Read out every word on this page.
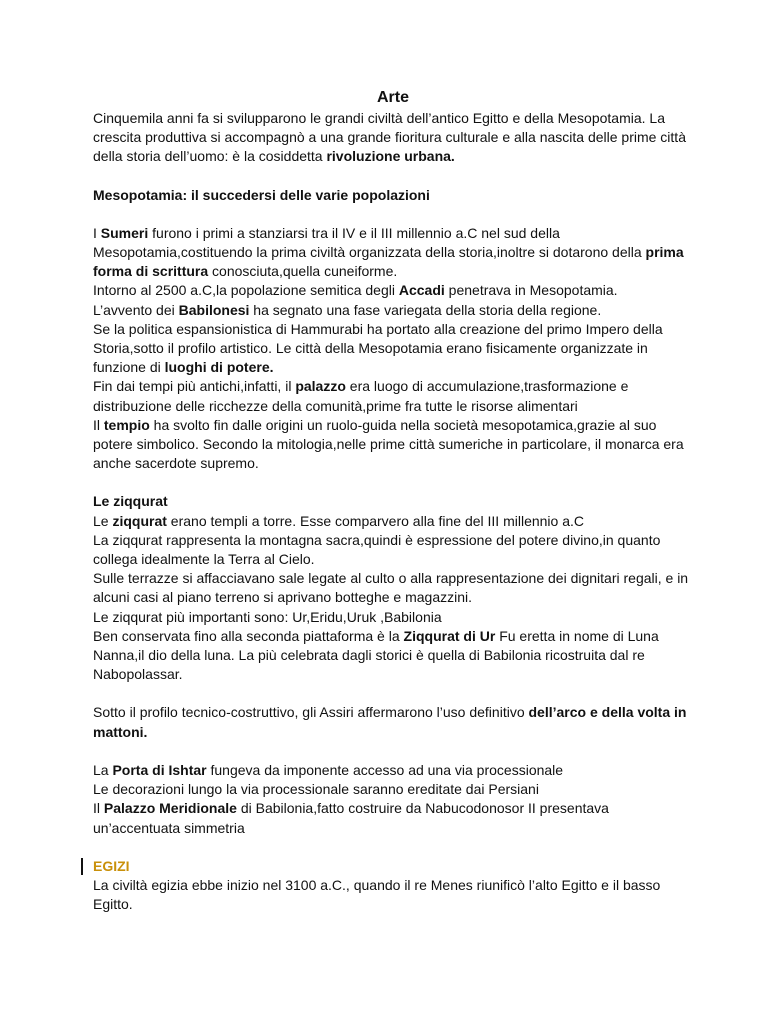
Arte

Cinquemila anni fa si svilupparono le grandi civiltà dell’antico Egitto e della Mesopotamia. La crescita produttiva si accompagnò a una grande fioritura culturale e alla nascita delle prime città della storia dell’uomo: è la cosiddetta rivoluzione urbana.

Mesopotamia: il succedersi delle varie popolazioni

I Sumeri furono i primi a stanziarsi tra il IV e il III millennio a.C nel sud della Mesopotamia,costituendo la prima civiltà organizzata della storia,inoltre si dotarono della prima forma di scrittura conosciuta,quella cuneiforme.
Intorno al 2500 a.C,la popolazione semitica degli Accadi penetrava in Mesopotamia.
L’avvento dei Babilonesi ha segnato una fase variegata della storia della regione.
Se la politica espansionistica di Hammurabi ha portato alla creazione del primo Impero della Storia,sotto il profilo artistico. Le città della Mesopotamia erano fisicamente organizzate in funzione di luoghi di potere.
Fin dai tempi più antichi,infatti, il palazzo era luogo di accumulazione,trasformazione e distribuzione delle ricchezze della comunità,prime fra tutte le risorse alimentari
Il tempio ha svolto fin dalle origini un ruolo-guida nella società mesopotamica,grazie al suo potere simbolico. Secondo la mitologia,nelle prime città sumeriche in particolare, il monarca era anche sacerdote supremo.

Le ziqqurat

Le ziqqurat erano templi a torre. Esse comparvero alla fine del III millennio a.C
La ziqqurat rappresenta la montagna sacra,quindi è espressione del potere divino,in quanto collega idealmente la Terra al Cielo.
Sulle terrazze si affacciavano sale legate al culto o alla rappresentazione dei dignitari regali, e in alcuni casi al piano terreno si aprivano botteghe e magazzini.
Le ziqqurat più importanti sono: Ur,Eridu,Uruk ,Babilonia
Ben conservata fino alla seconda piattaforma è la Ziqqurat di Ur Fu eretta in nome di Luna Nanna,il dio della luna. La più celebrata dagli storici è quella di Babilonia ricostruita dal re Nabopolassar.

Sotto il profilo tecnico-costruttivo, gli Assiri affermarono l’uso definitivo dell’arco e della volta in mattoni.

La Porta di Ishtar fungeva da imponente accesso ad una via processionale
Le decorazioni lungo la via processionale saranno ereditate dai Persiani
Il Palazzo Meridionale di Babilonia,fatto costruire da Nabucodonosor II presentava un’accentuata simmetria

EGIZI

La civiltà egizia ebbe inizio nel 3100 a.C., quando il re Menes riunificò l’alto Egitto e il basso Egitto.
